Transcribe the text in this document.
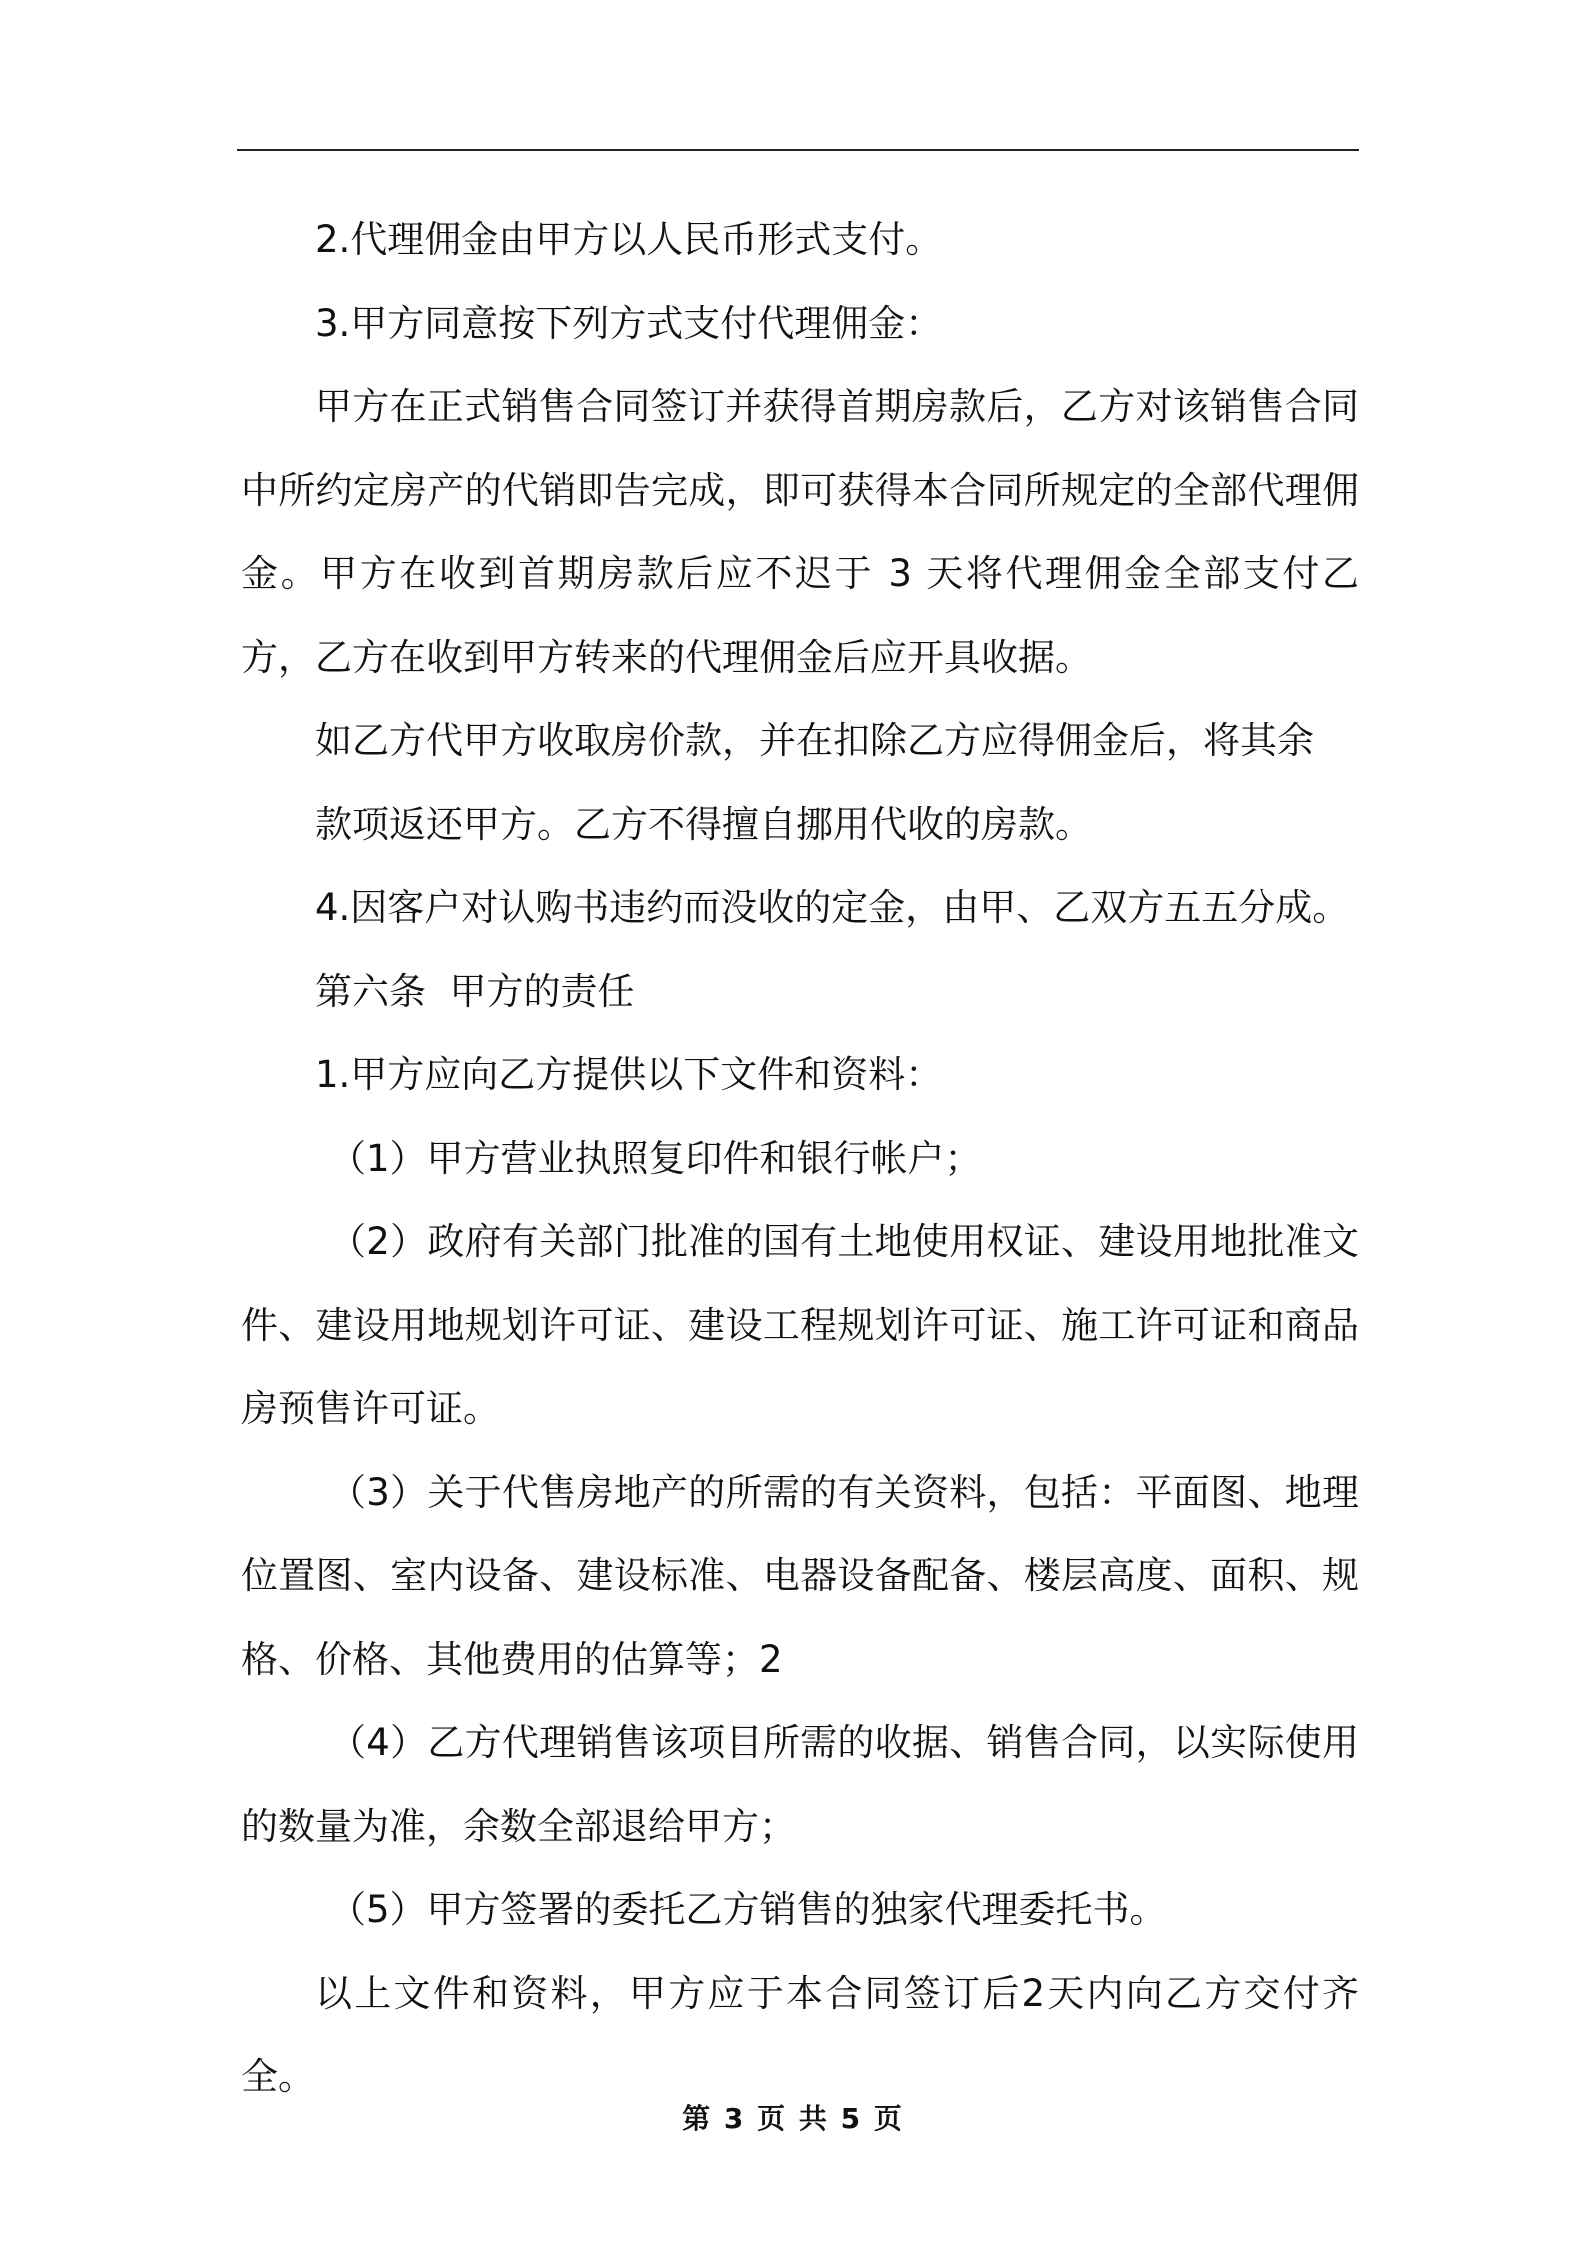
2.代理佣金由甲方以人民币形式支付。

3.甲方同意按下列方式支付代理佣金：

甲方在正式销售合同签订并获得首期房款后，乙方对该销售合同中所约定房产的代销即告完成，即可获得本合同所规定的全部代理佣金。甲方在收到首期房款后应不迟于 3 天将代理佣金全部支付乙方，乙方在收到甲方转来的代理佣金后应开具收据。

如乙方代甲方收取房价款，并在扣除乙方应得佣金后，将其余

款项返还甲方。乙方不得擅自挪用代收的房款。

4.因客户对认购书违约而没收的定金，由甲、乙双方五五分成。

第六条  甲方的责任

1.甲方应向乙方提供以下文件和资料：

（1）甲方营业执照复印件和银行帐户；

（2）政府有关部门批准的国有土地使用权证、建设用地批准文件、建设用地规划许可证、建设工程规划许可证、施工许可证和商品房预售许可证。

（3）关于代售房地产的所需的有关资料，包括：平面图、地理位置图、室内设备、建设标准、电器设备配备、楼层高度、面积、规格、价格、其他费用的估算等；2

（4）乙方代理销售该项目所需的收据、销售合同，以实际使用的数量为准，余数全部退给甲方；

（5）甲方签署的委托乙方销售的独家代理委托书。

以上文件和资料，甲方应于本合同签订后2天内向乙方交付齐全。

第 3 页 共 5 页
